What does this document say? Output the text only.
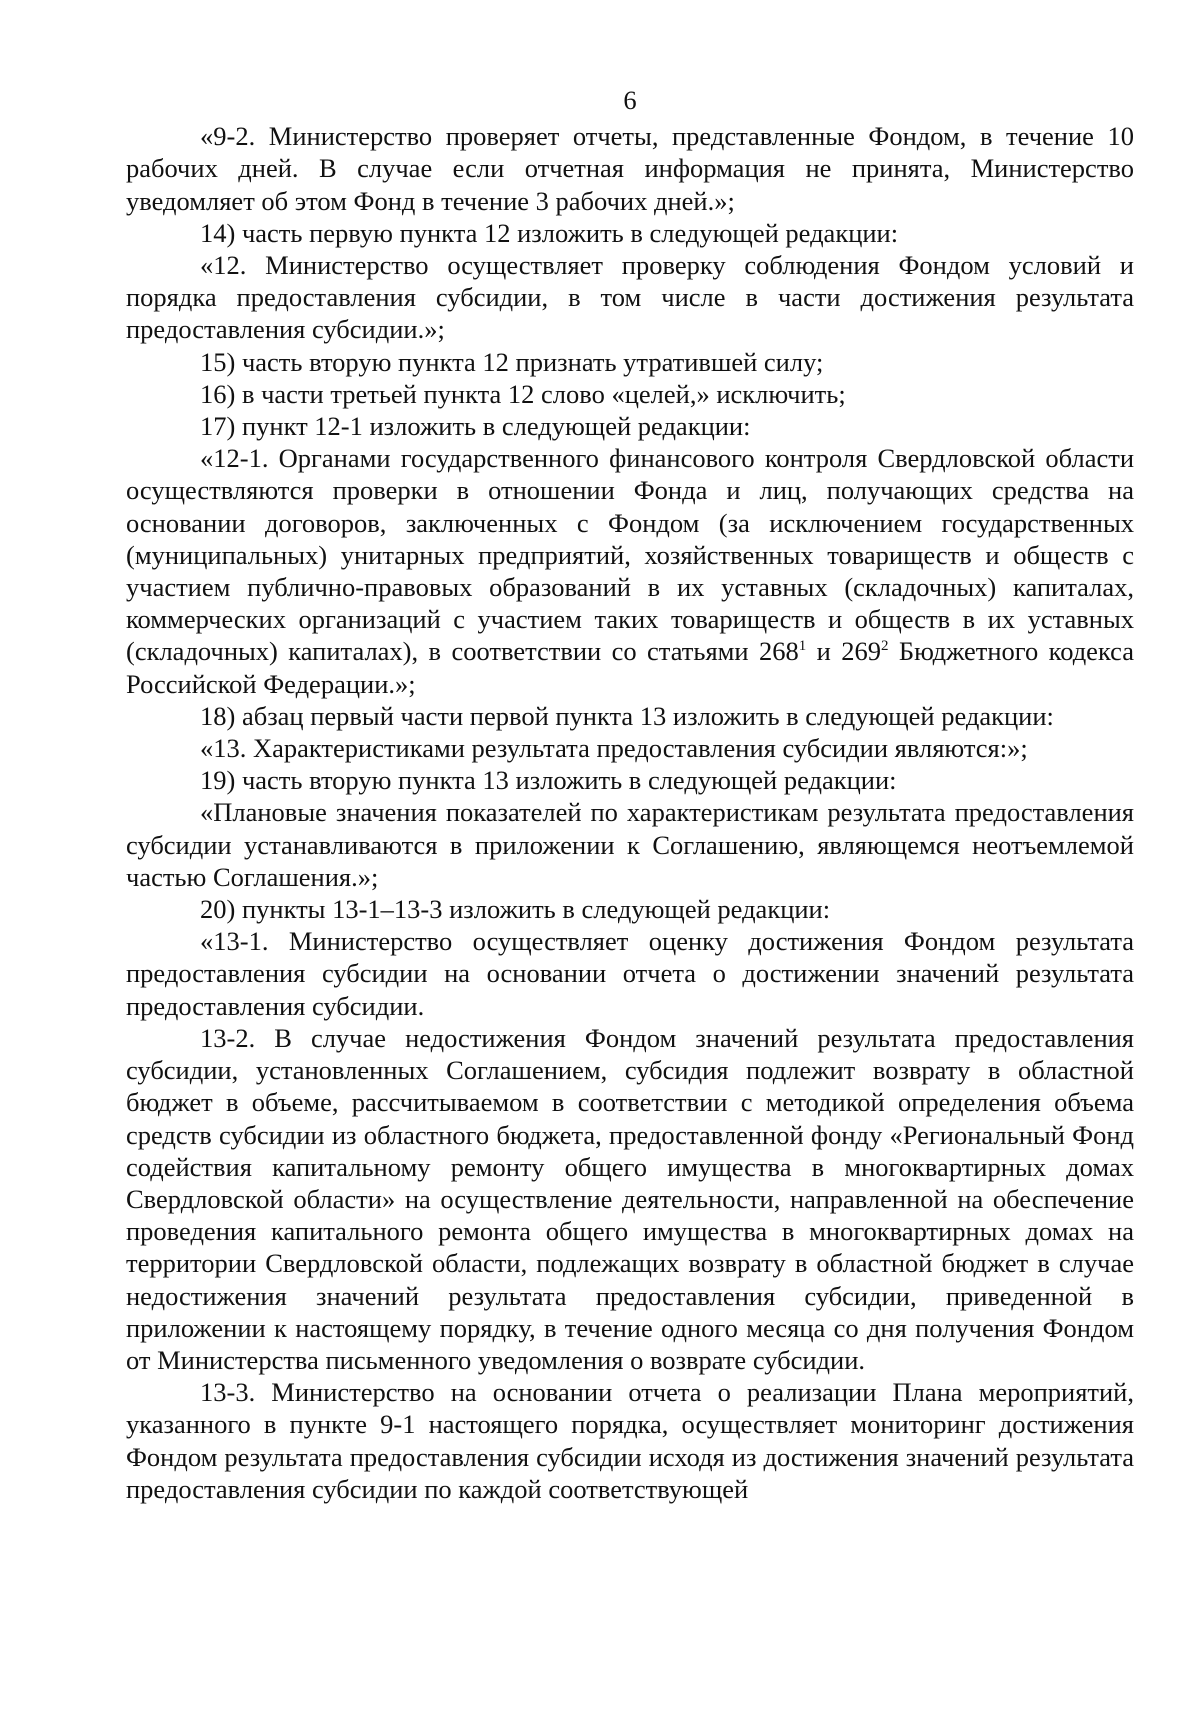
6

«9-2. Министерство проверяет отчеты, представленные Фондом, в течение 10 рабочих дней. В случае если отчетная информация не принята, Министерство уведомляет об этом Фонд в течение 3 рабочих дней.»;

14) часть первую пункта 12 изложить в следующей редакции:

«12. Министерство осуществляет проверку соблюдения Фондом условий и порядка предоставления субсидии, в том числе в части достижения результата предоставления субсидии.»;

15) часть вторую пункта 12 признать утратившей силу;

16) в части третьей пункта 12 слово «целей,» исключить;

17) пункт 12-1 изложить в следующей редакции:

«12-1. Органами государственного финансового контроля Свердловской области осуществляются проверки в отношении Фонда и лиц, получающих средства на основании договоров, заключенных с Фондом (за исключением государственных (муниципальных) унитарных предприятий, хозяйственных товариществ и обществ с участием публично-правовых образований в их уставных (складочных) капиталах, коммерческих организаций с участием таких товариществ и обществ в их уставных (складочных) капиталах), в соответствии со статьями $268^1$ и $269^2$ Бюджетного кодекса Российской Федерации.»;

18) абзац первый части первой пункта 13 изложить в следующей редакции:

«13. Характеристиками результата предоставления субсидии являются:»;

19) часть вторую пункта 13 изложить в следующей редакции:

«Плановые значения показателей по характеристикам результата предоставления субсидии устанавливаются в приложении к Соглашению, являющемся неотъемлемой частью Соглашения.»;

20) пункты 13-1–13-3 изложить в следующей редакции:

«13-1. Министерство осуществляет оценку достижения Фондом результата предоставления субсидии на основании отчета о достижении значений результата предоставления субсидии.

13-2. В случае недостижения Фондом значений результата предоставления субсидии, установленных Соглашением, субсидия подлежит возврату в областной бюджет в объеме, рассчитываемом в соответствии с методикой определения объема средств субсидии из областного бюджета, предоставленной фонду «Региональный Фонд содействия капитальному ремонту общего имущества в многоквартирных домах Свердловской области» на осуществление деятельности, направленной на обеспечение проведения капитального ремонта общего имущества в многоквартирных домах на территории Свердловской области, подлежащих возврату в областной бюджет в случае недостижения значений результата предоставления субсидии, приведенной в приложении к настоящему порядку, в течение одного месяца со дня получения Фондом от Министерства письменного уведомления о возврате субсидии.

13-3. Министерство на основании отчета о реализации Плана мероприятий, указанного в пункте 9-1 настоящего порядка, осуществляет мониторинг достижения Фондом результата предоставления субсидии исходя из достижения значений результата предоставления субсидии по каждой соответствующей
